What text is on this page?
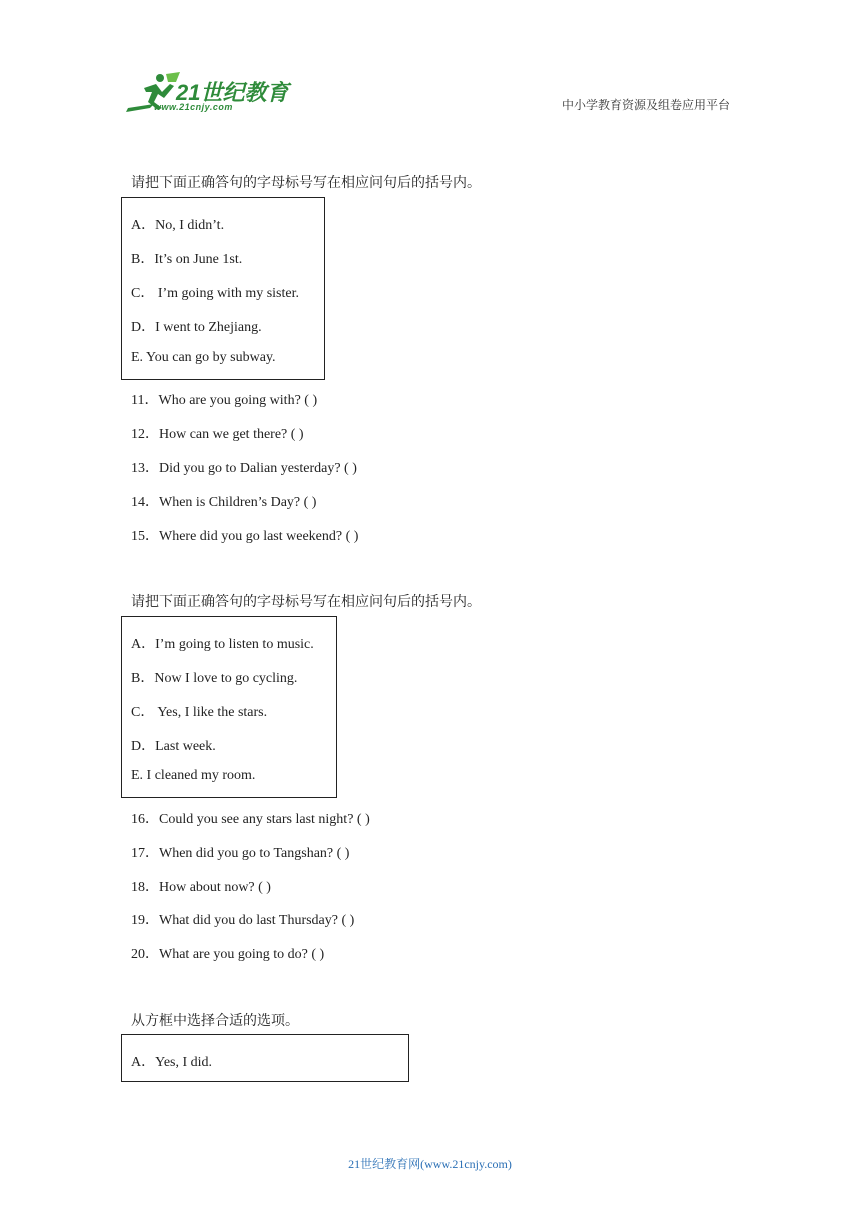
21世纪教育
www.21cnjy.com	中小学教育资源及组卷应用平台
请把下面正确答句的字母标号写在相应问句后的括号内。
A．No, I didn’t.
B．It’s on June 1st.
C． I’m going with my sister.
D．I went to Zhejiang.
E. You can go by subway.
11．Who are you going with? ( )
12．How can we get there? ( )
13．Did you go to Dalian yesterday? ( )
14．When is Children’s Day? ( )
15．Where did you go last weekend? ( )
请把下面正确答句的字母标号写在相应问句后的括号内。
A．I’m going to listen to music.
B．Now I love to go cycling.
C． Yes, I like the stars.
D．Last week.
E. I cleaned my room.
16．Could you see any stars last night? ( )
17．When did you go to Tangshan? ( )
18．How about now? ( )
19．What did you do last Thursday? ( )
20．What are you going to do? ( )
从方框中选择合适的选项。
A．Yes, I did.
21世纪教育网(www.21cnjy.com)
